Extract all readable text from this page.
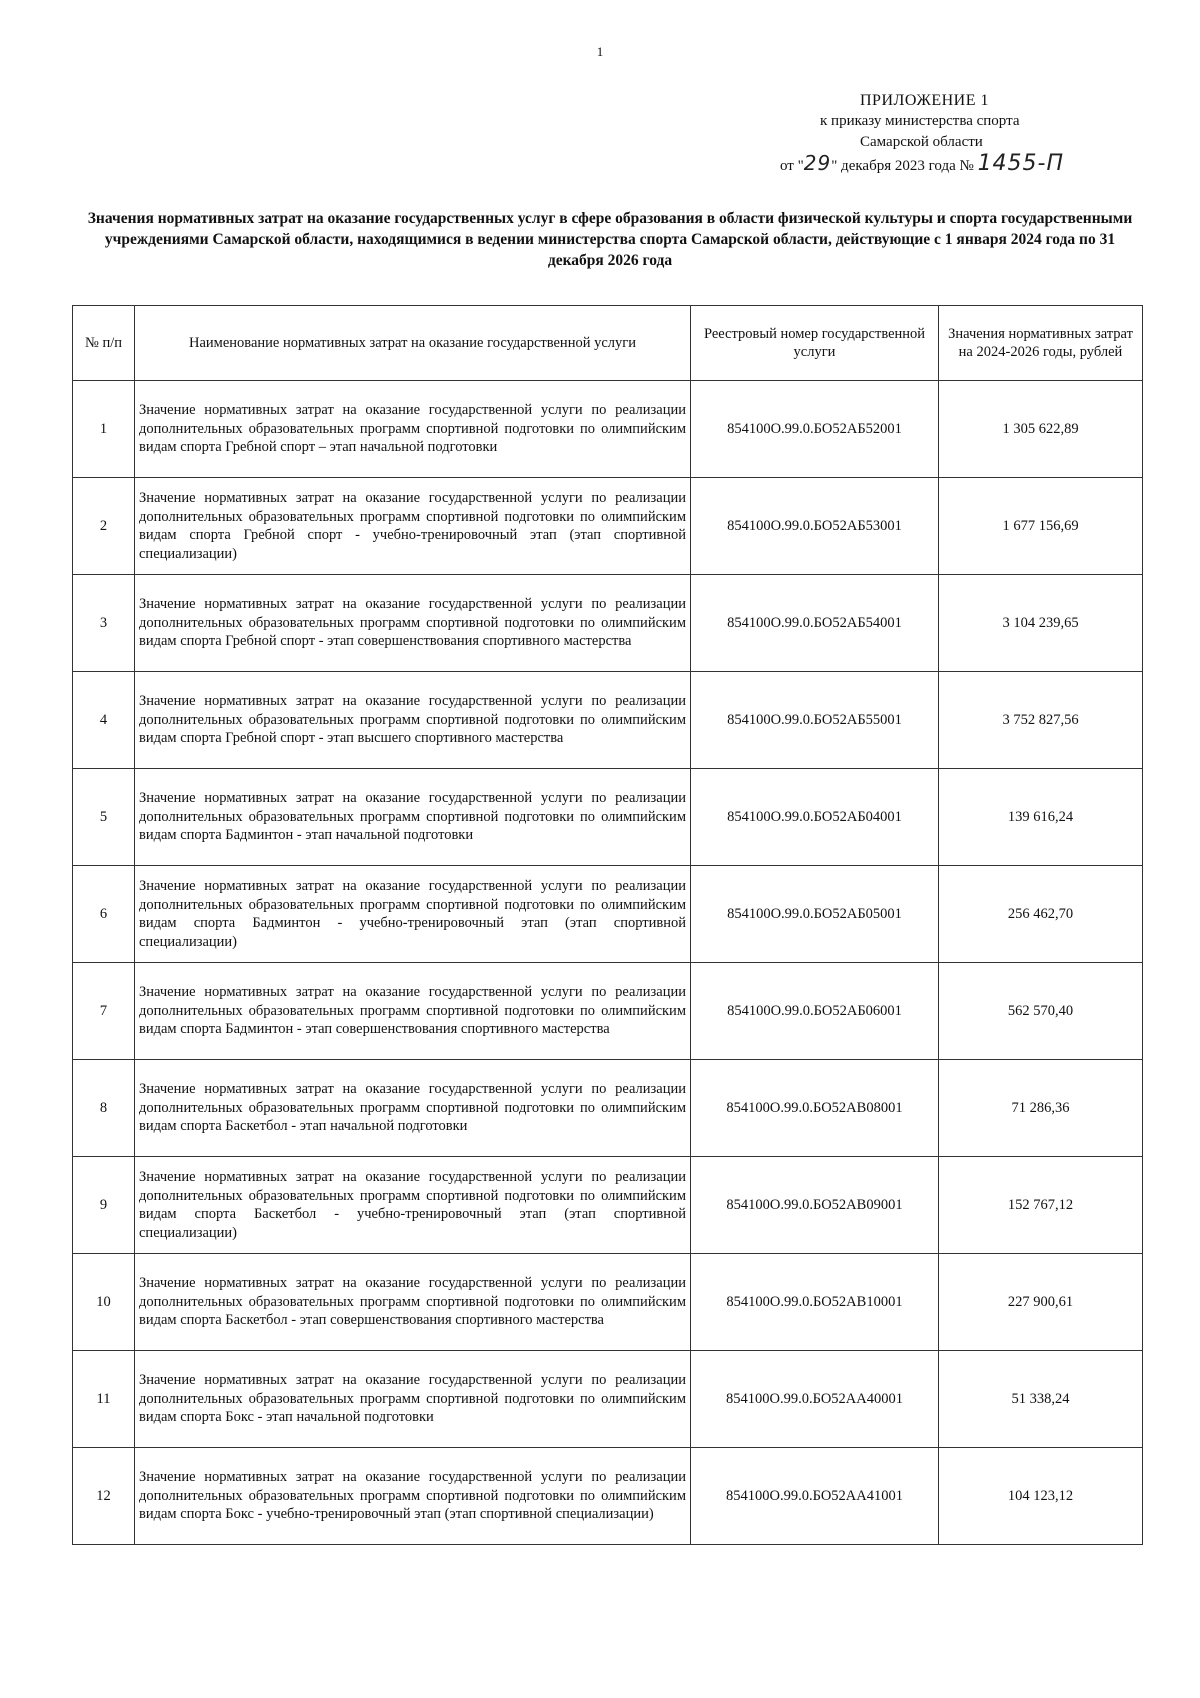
1
ПРИЛОЖЕНИЕ 1
к приказу министерства спорта
Самарской области
от "29" декабря 2023 года № 1455-П
Значения нормативных затрат на оказание государственных услуг в сфере образования в области физической культуры и спорта государственными учреждениями Самарской области, находящимися в ведении министерства спорта Самарской области, действующие с 1 января 2024 года по 31 декабря 2026 года
№ п/п	Наименование нормативных затрат на оказание государственной услуги	Реестровый номер государственной услуги	Значения нормативных затрат на 2024-2026 годы, рублей
1	Значение нормативных затрат на оказание государственной услуги по реализации дополнительных образовательных программ спортивной подготовки по олимпийским видам спорта Гребной спорт – этап начальной подготовки	854100О.99.0.БО52АБ52001	1 305 622,89
2	Значение нормативных затрат на оказание государственной услуги по реализации дополнительных образовательных программ спортивной подготовки по олимпийским видам спорта Гребной спорт - учебно-тренировочный этап (этап спортивной специализации)	854100О.99.0.БО52АБ53001	1 677 156,69
3	Значение нормативных затрат на оказание государственной услуги по реализации дополнительных образовательных программ спортивной подготовки по олимпийским видам спорта Гребной спорт - этап совершенствования спортивного мастерства	854100О.99.0.БО52АБ54001	3 104 239,65
4	Значение нормативных затрат на оказание государственной услуги по реализации дополнительных образовательных программ спортивной подготовки по олимпийским видам спорта Гребной спорт - этап высшего спортивного мастерства	854100О.99.0.БО52АБ55001	3 752 827,56
5	Значение нормативных затрат на оказание государственной услуги по реализации дополнительных образовательных программ спортивной подготовки по олимпийским видам спорта Бадминтон - этап начальной подготовки	854100О.99.0.БО52АБ04001	139 616,24
6	Значение нормативных затрат на оказание государственной услуги по реализации дополнительных образовательных программ спортивной подготовки по олимпийским видам спорта Бадминтон - учебно-тренировочный этап (этап спортивной специализации)	854100О.99.0.БО52АБ05001	256 462,70
7	Значение нормативных затрат на оказание государственной услуги по реализации дополнительных образовательных программ спортивной подготовки по олимпийским видам спорта Бадминтон - этап совершенствования спортивного мастерства	854100О.99.0.БО52АБ06001	562 570,40
8	Значение нормативных затрат на оказание государственной услуги по реализации дополнительных образовательных программ спортивной подготовки по олимпийским видам спорта Баскетбол - этап начальной подготовки	854100О.99.0.БО52АВ08001	71 286,36
9	Значение нормативных затрат на оказание государственной услуги по реализации дополнительных образовательных программ спортивной подготовки по олимпийским видам спорта Баскетбол - учебно-тренировочный этап (этап спортивной специализации)	854100О.99.0.БО52АВ09001	152 767,12
10	Значение нормативных затрат на оказание государственной услуги по реализации дополнительных образовательных программ спортивной подготовки по олимпийским видам спорта Баскетбол - этап совершенствования спортивного мастерства	854100О.99.0.БО52АВ10001	227 900,61
11	Значение нормативных затрат на оказание государственной услуги по реализации дополнительных образовательных программ спортивной подготовки по олимпийским видам спорта Бокс - этап начальной подготовки	854100О.99.0.БО52АА40001	51 338,24
12	Значение нормативных затрат на оказание государственной услуги по реализации дополнительных образовательных программ спортивной подготовки по олимпийским видам спорта Бокс - учебно-тренировочный этап (этап спортивной специализации)	854100О.99.0.БО52АА41001	104 123,12
